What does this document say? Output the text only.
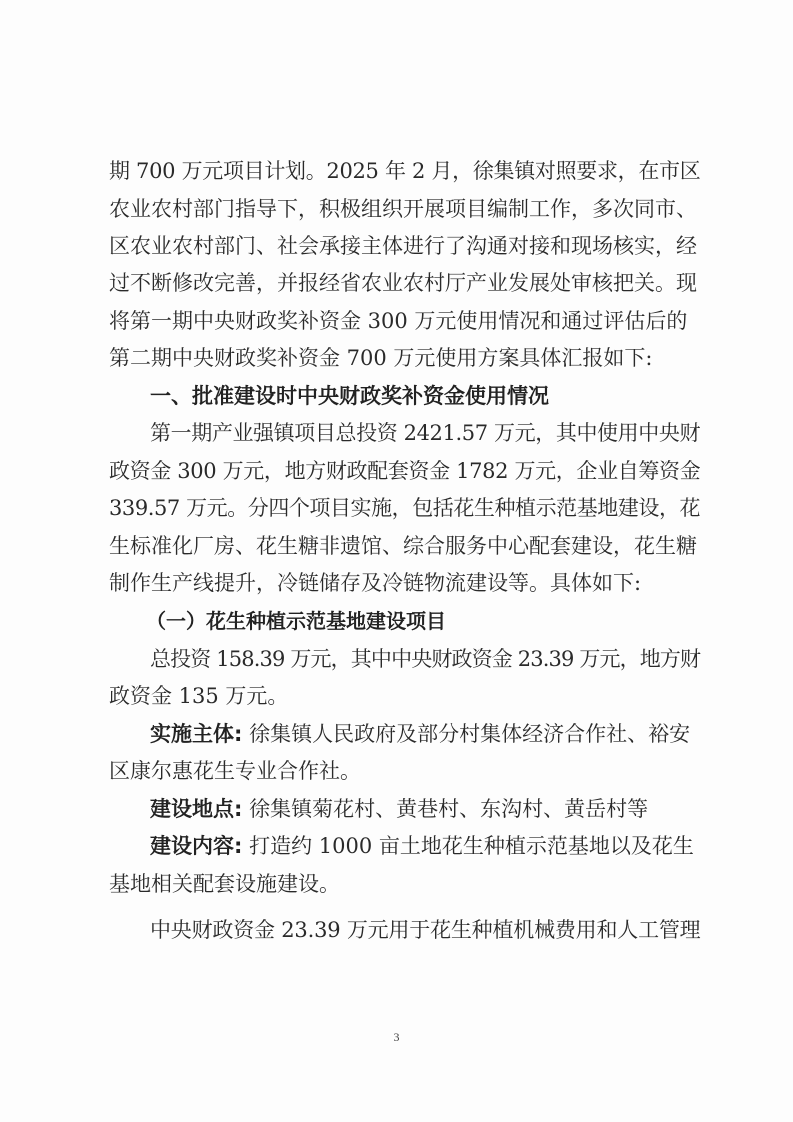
期 700 万元项目计划。2025 年 2 月，徐集镇对照要求，在市区
农业农村部门指导下，积极组织开展项目编制工作，多次同市、
区农业农村部门、社会承接主体进行了沟通对接和现场核实，经
过不断修改完善，并报经省农业农村厅产业发展处审核把关。现
将第一期中央财政奖补资金 300 万元使用情况和通过评估后的
第二期中央财政奖补资金 700 万元使用方案具体汇报如下:
一、批准建设时中央财政奖补资金使用情况
第一期产业强镇项目总投资 2421.57 万元，其中使用中央财
政资金 300 万元，地方财政配套资金 1782 万元，企业自筹资金
339.57 万元。分四个项目实施，包括花生种植示范基地建设，花
生标准化厂房、花生糖非遗馆、综合服务中心配套建设，花生糖
制作生产线提升，冷链储存及冷链物流建设等。具体如下:
（一）花生种植示范基地建设项目
总投资 158.39 万元，其中中央财政资金 23.39 万元，地方财
政资金 135 万元。
实施主体: 徐集镇人民政府及部分村集体经济合作社、裕安
区康尔惠花生专业合作社。
建设地点: 徐集镇菊花村、黄巷村、东沟村、黄岳村等
建设内容: 打造约 1000 亩土地花生种植示范基地以及花生
基地相关配套设施建设。
中央财政资金 23.39 万元用于花生种植机械费用和人工管理
3
